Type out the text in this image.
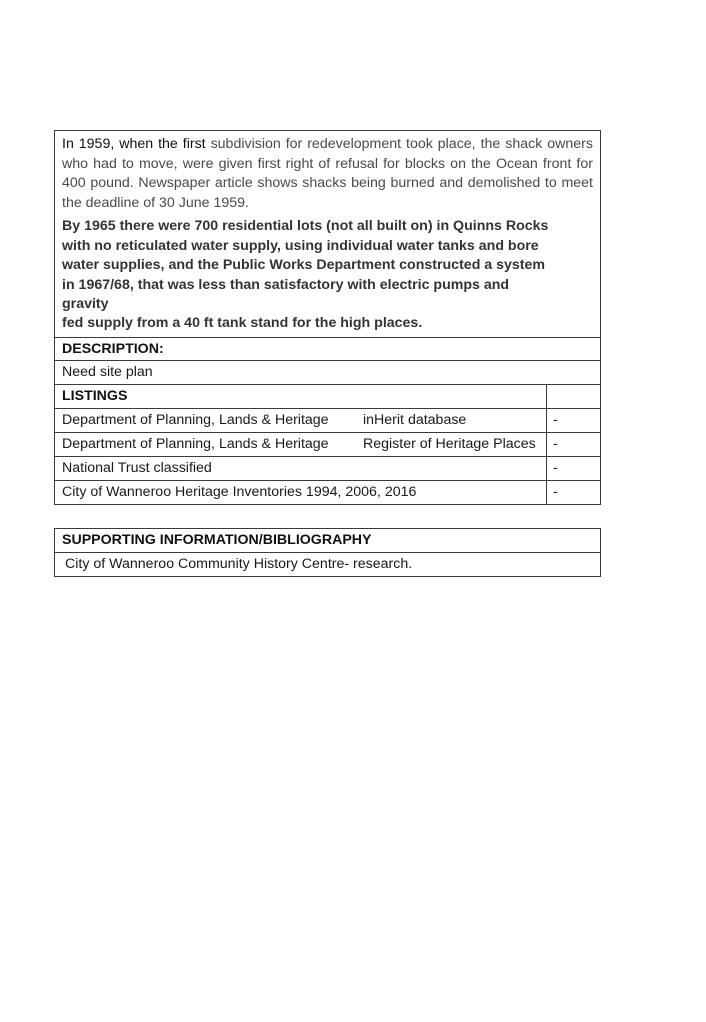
In 1959, when the first subdivision for redevelopment took place, the shack owners who had to move, were given first right of refusal for blocks on the Ocean front for 400 pound. Newspaper article shows shacks being burned and demolished to meet the deadline of 30 June 1959.

By 1965 there were 700 residential lots (not all built on) in Quinns Rocks
with no reticulated water supply, using individual water tanks and bore
water supplies, and the Public Works Department constructed a system
in 1967/68, that was less than satisfactory with electric pumps and gravity
fed supply from a 40 ft tank stand for the high places.

DESCRIPTION:
Need site plan
LISTINGS	
Department of Planning, Lands & Heritage inHerit database	-
Department of Planning, Lands & Heritage Register of Heritage Places	-
National Trust classified	-
City of Wanneroo Heritage Inventories 1994, 2006, 2016	-
SUPPORTING INFORMATION/BIBLIOGRAPHY
City of Wanneroo Community History Centre- research.
